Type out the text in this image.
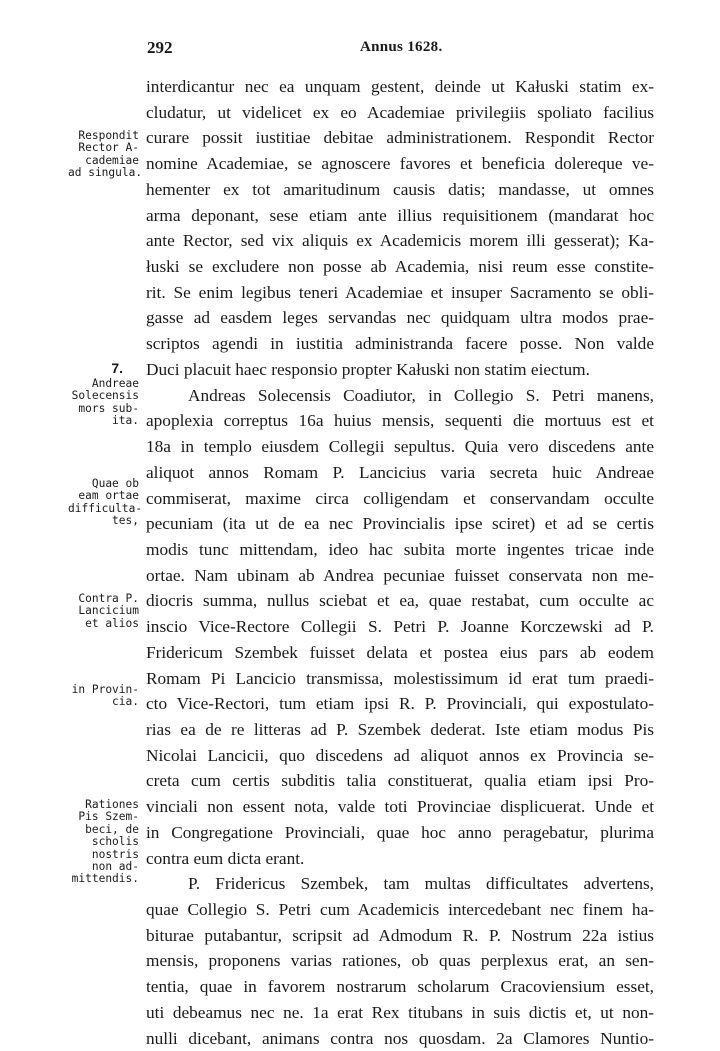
292	Annus 1628.
Respondit
Rector A-
cademiae
ad singula.
7.
Andreae
Solecensis
mors sub-
ita.
Quae ob
eam ortae
difficulta-
tes,
Contra P.
Lancicium
et alios
in Provin-
cia.
Rationes
Pis Szem-
beci, de
scholis
nostris
non ad-
mittendis.
interdicantur nec ea unquam gestent, deinde ut Kałuski statim ex-
cludatur, ut videlicet ex eo Academiae privilegiis spoliato facilius
curare possit iustitiae debitae administrationem. Respondit Rector
nomine Academiae, se agnoscere favores et beneficia dolereque ve-
hementer ex tot amaritudinum causis datis; mandasse, ut omnes
arma deponant, sese etiam ante illius requisitionem (mandarat hoc
ante Rector, sed vix aliquis ex Academicis morem illi gesserat); Ka-
łuski se excludere non posse ab Academia, nisi reum esse constite-
rit. Se enim legibus teneri Academiae et insuper Sacramento se obli-
gasse ad easdem leges servandas nec quidquam ultra modos prae-
scriptos agendi in iustitia administranda facere posse. Non valde
Duci placuit haec responsio propter Kałuski non statim eiectum.
Andreas Solecensis Coadiutor, in Collegio S. Petri manens,
apoplexia correptus 16a huius mensis, sequenti die mortuus est et
18a in templo eiusdem Collegii sepultus. Quia vero discedens ante
aliquot annos Romam P. Lancicius varia secreta huic Andreae
commiserat, maxime circa colligendam et conservandam occulte
pecuniam (ita ut de ea nec Provincialis ipse sciret) et ad se certis
modis tunc mittendam, ideo hac subita morte ingentes tricae inde
ortae. Nam ubinam ab Andrea pecuniae fuisset conservata non me-
diocris summa, nullus sciebat et ea, quae restabat, cum occulte ac
inscio Vice-Rectore Collegii S. Petri P. Joanne Korczewski ad P.
Fridericum Szembek fuisset delata et postea eius pars ab eodem
Romam Pi Lancicio transmissa, molestissimum id erat tum praedi-
cto Vice-Rectori, tum etiam ipsi R. P. Provinciali, qui expostulato-
rias ea de re litteras ad P. Szembek dederat. Iste etiam modus Pis
Nicolai Lancicii, quo discedens ad aliquot annos ex Provincia se-
creta cum certis subditis talia constituerat, qualia etiam ipsi Pro-
vinciali non essent nota, valde toti Provinciae displicuerat. Unde et
in Congregatione Provinciali, quae hoc anno peragebatur, plurima
contra eum dicta erant.
P. Fridericus Szembek, tam multas difficultates advertens,
quae Collegio S. Petri cum Academicis intercedebant nec finem ha-
biturae putabantur, scripsit ad Admodum R. P. Nostrum 22a istius
mensis, proponens varias rationes, ob quas perplexus erat, an sen-
tentia, quae in favorem nostrarum scholarum Cracoviensium esset,
uti debeamus nec ne. 1a erat Rex titubans in suis dictis et, ut non-
nulli dicebant, animans contra nos quosdam. 2a Clamores Nuntio-
